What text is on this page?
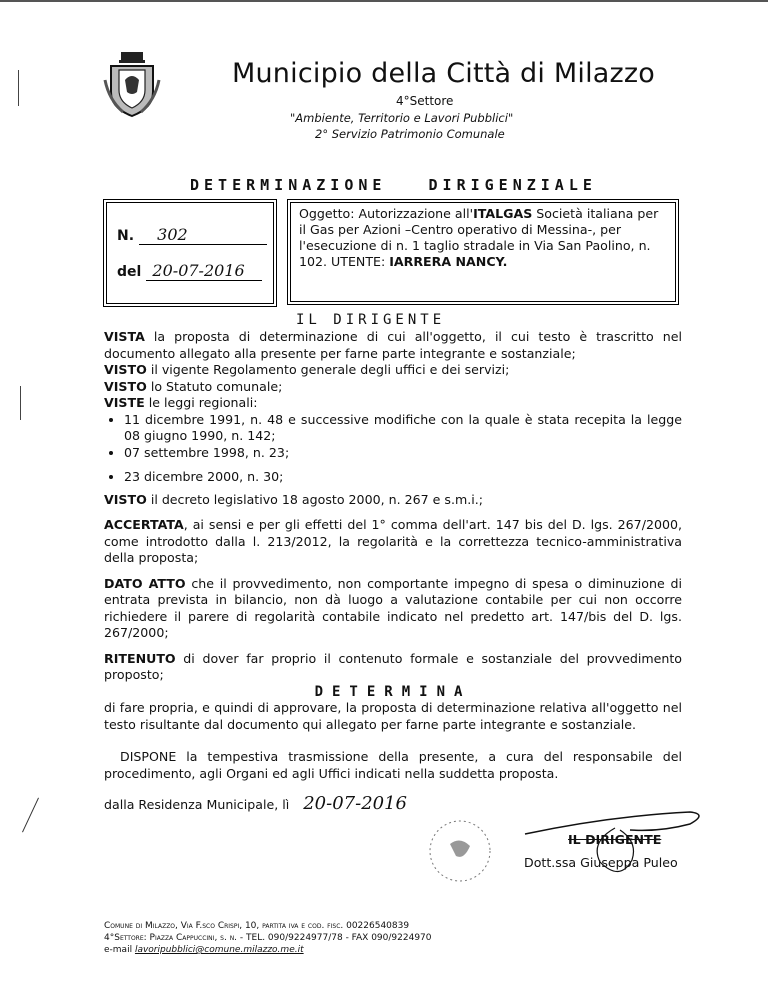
Municipio della Città di Milazzo
4°Settore
"Ambiente, Territorio e Lavori Pubblici"
2° Servizio Patrimonio Comunale
DETERMINAZIONE   DIRIGENZIALE
N. 302
del 20-07-2016
Oggetto: Autorizzazione all'ITALGAS Società italiana per il Gas per Azioni –Centro operativo di Messina-, per l'esecuzione di n. 1 taglio stradale in Via San Paolino, n. 102. UTENTE: IARRERA NANCY.
IL DIRIGENTE
VISTA la proposta di determinazione di cui all'oggetto, il cui testo è trascritto nel documento allegato alla presente per farne parte integrante e sostanziale;
VISTO il vigente Regolamento generale degli uffici e dei servizi;
VISTO lo Statuto comunale;
VISTE le leggi regionali:
• 11 dicembre 1991, n. 48 e successive modifiche con la quale è stata recepita la legge 08 giugno 1990, n. 142;
• 07 settembre 1998, n. 23;
• 23 dicembre 2000, n. 30;
VISTO il decreto legislativo 18 agosto 2000, n. 267 e s.m.i.;
ACCERTATA, ai sensi e per gli effetti del 1° comma dell'art. 147 bis del D. lgs. 267/2000, come introdotto dalla l. 213/2012, la regolarità e la correttezza tecnico-amministrativa della proposta;
DATO ATTO che il provvedimento, non comportante impegno di spesa o diminuzione di entrata prevista in bilancio, non dà luogo a valutazione contabile per cui non occorre richiedere il parere di regolarità contabile indicato nel predetto art. 147/bis del D. lgs. 267/2000;
RITENUTO di dover far proprio il contenuto formale e sostanziale del provvedimento proposto;
DETERMINA
di fare propria, e quindi di approvare, la proposta di determinazione relativa all'oggetto nel testo risultante dal documento qui allegato per farne parte integrante e sostanziale.
DISPONE la tempestiva trasmissione della presente, a cura del responsabile del procedimento, agli Organi ed agli Uffici indicati nella suddetta proposta.
dalla Residenza Municipale, lì 20-07-2016
IL DIRIGENTE
Dott.ssa Giuseppa Puleo
Comune di Milazzo, Via F.sco Crispi, 10, partita iva e cod. fisc. 00226540839
4°Settore: Piazza Cappuccini, s. n. - TEL. 090/9224977/78 - FAX 090/9224970
e-mail lavoripubblici@comune.milazzo.me.it
